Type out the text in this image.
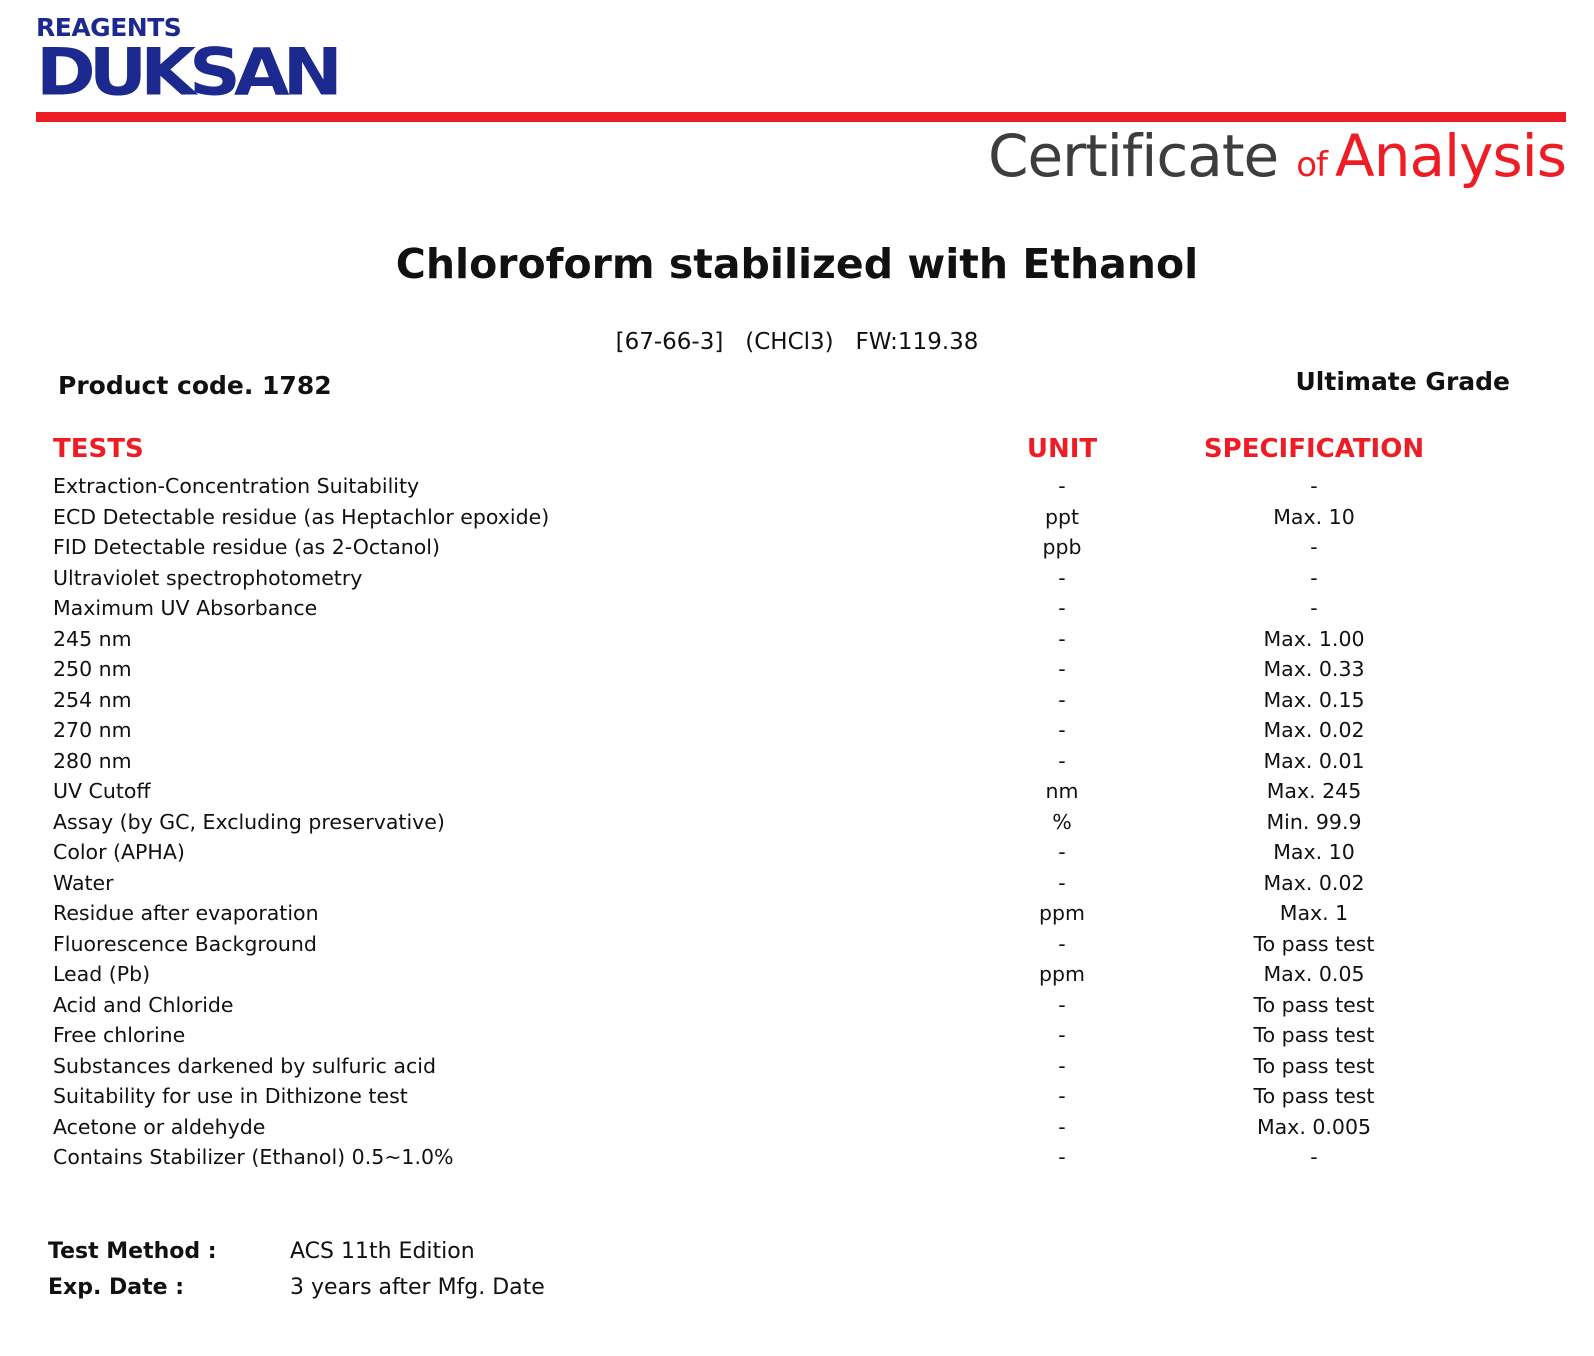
REAGENTS
DUKSAN
Certificate of Analysis
Chloroform stabilized with Ethanol
[67-66-3]   (CHCl3)   FW:119.38
Product code. 1782	Ultimate Grade
TESTS	UNIT	SPECIFICATION
Extraction-Concentration Suitability	-	-
ECD Detectable residue (as Heptachlor epoxide)	ppt	Max. 10
FID Detectable residue (as 2-Octanol)	ppb	-
Ultraviolet spectrophotometry	-	-
Maximum UV Absorbance	-	-
245 nm	-	Max. 1.00
250 nm	-	Max. 0.33
254 nm	-	Max. 0.15
270 nm	-	Max. 0.02
280 nm	-	Max. 0.01
UV Cutoff	nm	Max. 245
Assay (by GC, Excluding preservative)	%	Min. 99.9
Color (APHA)	-	Max. 10
Water	-	Max. 0.02
Residue after evaporation	ppm	Max. 1
Fluorescence Background	-	To pass test
Lead (Pb)	ppm	Max. 0.05
Acid and Chloride	-	To pass test
Free chlorine	-	To pass test
Substances darkened by sulfuric acid	-	To pass test
Suitability for use in Dithizone test	-	To pass test
Acetone or aldehyde	-	Max. 0.005
Contains Stabilizer (Ethanol) 0.5~1.0%	-	-
Test Method :	ACS 11th Edition
Exp. Date :	3 years after Mfg. Date
